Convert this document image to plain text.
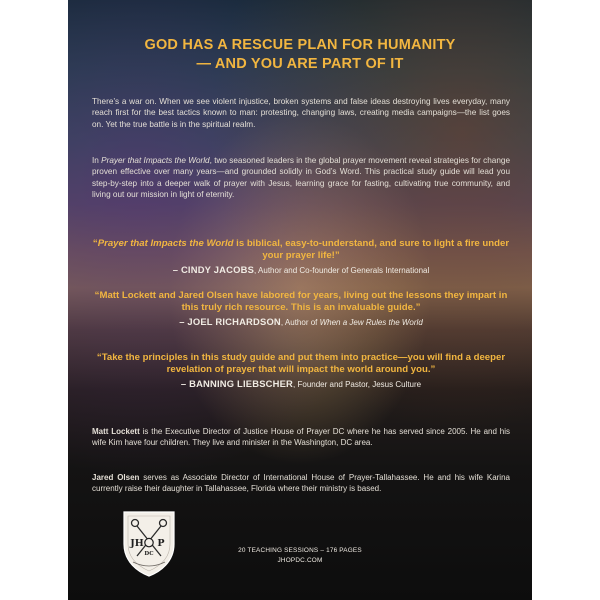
GOD HAS A RESCUE PLAN FOR HUMANITY
— AND YOU ARE PART OF IT
There’s a war on. When we see violent injustice, broken systems and false ideas destroying lives everyday, many reach first for the best tactics known to man: protesting, changing laws, creating media campaigns—the list goes on. Yet the true battle is in the spiritual realm.
In Prayer that Impacts the World, two seasoned leaders in the global prayer movement reveal strategies for change proven effective over many years—and grounded solidly in God’s Word. This practical study guide will lead you step-by-step into a deeper walk of prayer with Jesus, learning grace for fasting, cultivating true community, and living out our mission in light of eternity.
“Prayer that Impacts the World is biblical, easy-to-understand, and sure to light a fire under your prayer life!”
– CINDY JACOBS, Author and Co-founder of Generals International
“Matt Lockett and Jared Olsen have labored for years, living out the lessons they impart in this truly rich resource. This is an invaluable guide.”
– JOEL RICHARDSON, Author of When a Jew Rules the World
“Take the principles in this study guide and put them into practice—you will find a deeper revelation of prayer that will impact the world around you.”
– BANNING LIEBSCHER, Founder and Pastor, Jesus Culture
Matt Lockett is the Executive Director of Justice House of Prayer DC where he has served since 2005. He and his wife Kim have four children. They live and minister in the Washington, DC area.
Jared Olsen serves as Associate Director of International House of Prayer-Tallahassee. He and his wife Karina currently raise their daughter in Tallahassee, Florida where their ministry is based.
JH P
DC	20 TEACHING SESSIONS – 176 PAGES
JHOPDC.COM
